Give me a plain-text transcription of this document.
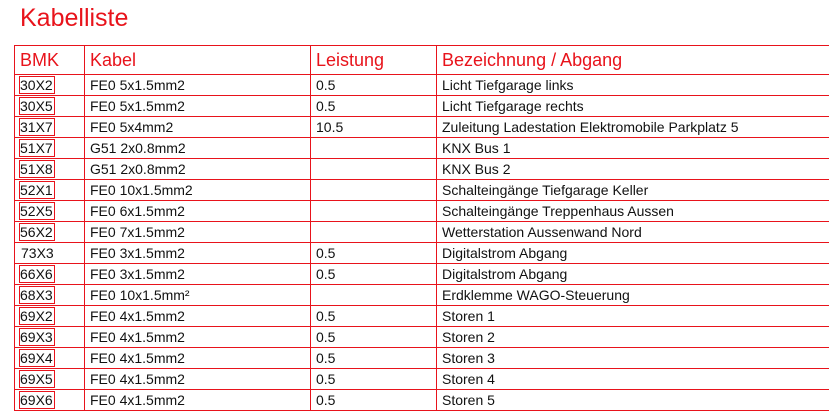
Kabelliste
BMK	Kabel	Leistung	Bezeichnung / Abgang
30X2	FE0 5x1.5mm2	0.5	Licht Tiefgarage links
30X5	FE0 5x1.5mm2	0.5	Licht Tiefgarage rechts
31X7	FE0 5x4mm2	10.5	Zuleitung Ladestation Elektromobile Parkplatz 5
51X7	G51 2x0.8mm2		KNX Bus 1
51X8	G51 2x0.8mm2		KNX Bus 2
52X1	FE0 10x1.5mm2		Schalteingänge Tiefgarage Keller
52X5	FE0 6x1.5mm2		Schalteingänge Treppenhaus Aussen
56X2	FE0 7x1.5mm2		Wetterstation Aussenwand Nord
73X3	FE0 3x1.5mm2	0.5	Digitalstrom Abgang
66X6	FE0 3x1.5mm2	0.5	Digitalstrom Abgang
68X3	FE0 10x1.5mm²		Erdklemme WAGO-Steuerung
69X2	FE0 4x1.5mm2	0.5	Storen 1
69X3	FE0 4x1.5mm2	0.5	Storen 2
69X4	FE0 4x1.5mm2	0.5	Storen 3
69X5	FE0 4x1.5mm2	0.5	Storen 4
69X6	FE0 4x1.5mm2	0.5	Storen 5
